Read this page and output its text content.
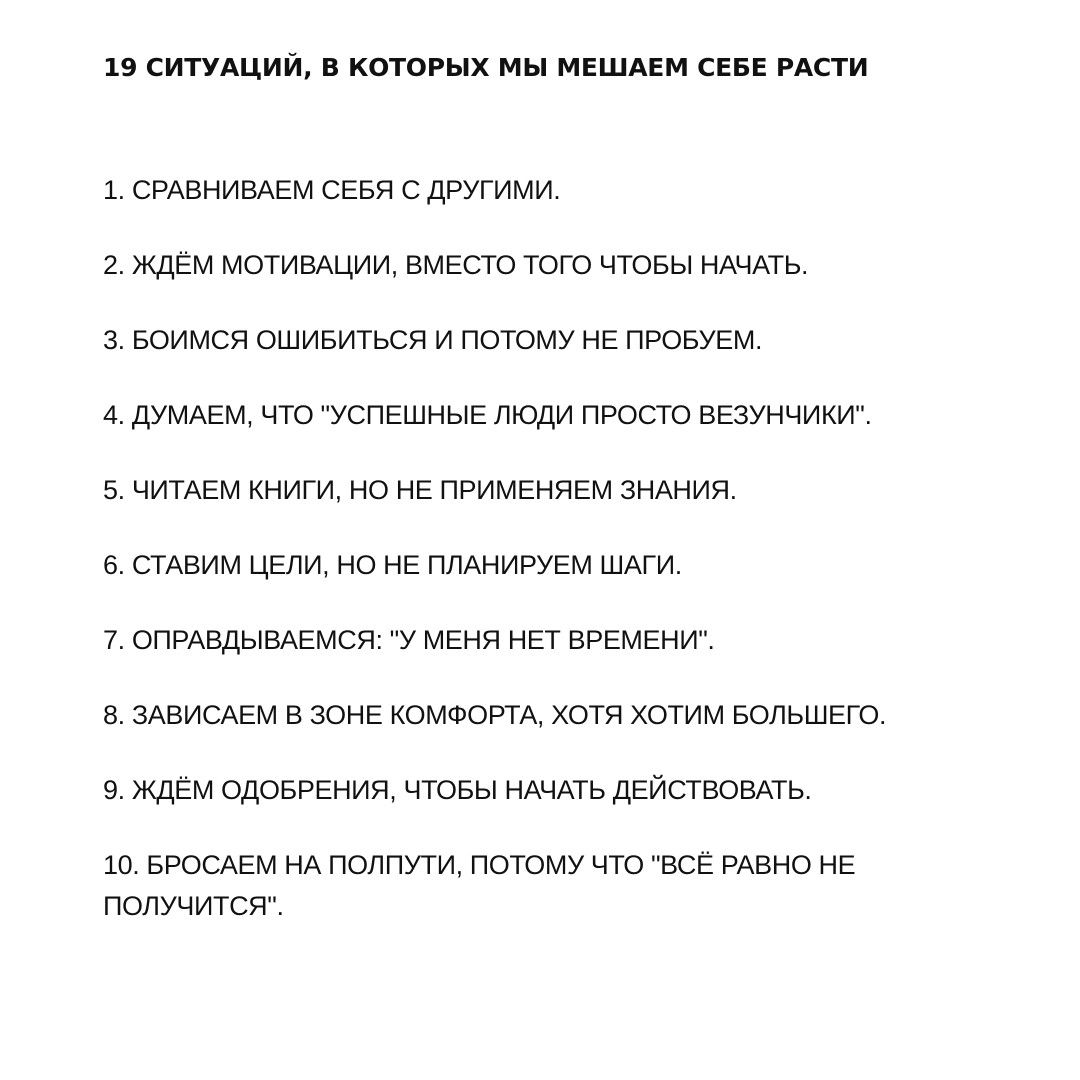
19 СИТУАЦИЙ, В КОТОРЫХ МЫ МЕШАЕМ СЕБЕ РАСТИ
1. СРАВНИВАЕМ СЕБЯ С ДРУГИМИ.
2. ЖДЁМ МОТИВАЦИИ, ВМЕСТО ТОГО ЧТОБЫ НАЧАТЬ.
3. БОИМСЯ ОШИБИТЬСЯ И ПОТОМУ НЕ ПРОБУЕМ.
4. ДУМАЕМ, ЧТО "УСПЕШНЫЕ ЛЮДИ ПРОСТО ВЕЗУНЧИКИ".
5. ЧИТАЕМ КНИГИ, НО НЕ ПРИМЕНЯЕМ ЗНАНИЯ.
6. СТАВИМ ЦЕЛИ, НО НЕ ПЛАНИРУЕМ ШАГИ.
7. ОПРАВДЫВАЕМСЯ: "У МЕНЯ НЕТ ВРЕМЕНИ".
8. ЗАВИСАЕМ В ЗОНЕ КОМФОРТА, ХОТЯ ХОТИМ БОЛЬШЕГО.
9. ЖДЁМ ОДОБРЕНИЯ, ЧТОБЫ НАЧАТЬ ДЕЙСТВОВАТЬ.
10. БРОСАЕМ НА ПОЛПУТИ, ПОТОМУ ЧТО "ВСЁ РАВНО НЕ ПОЛУЧИТСЯ".
